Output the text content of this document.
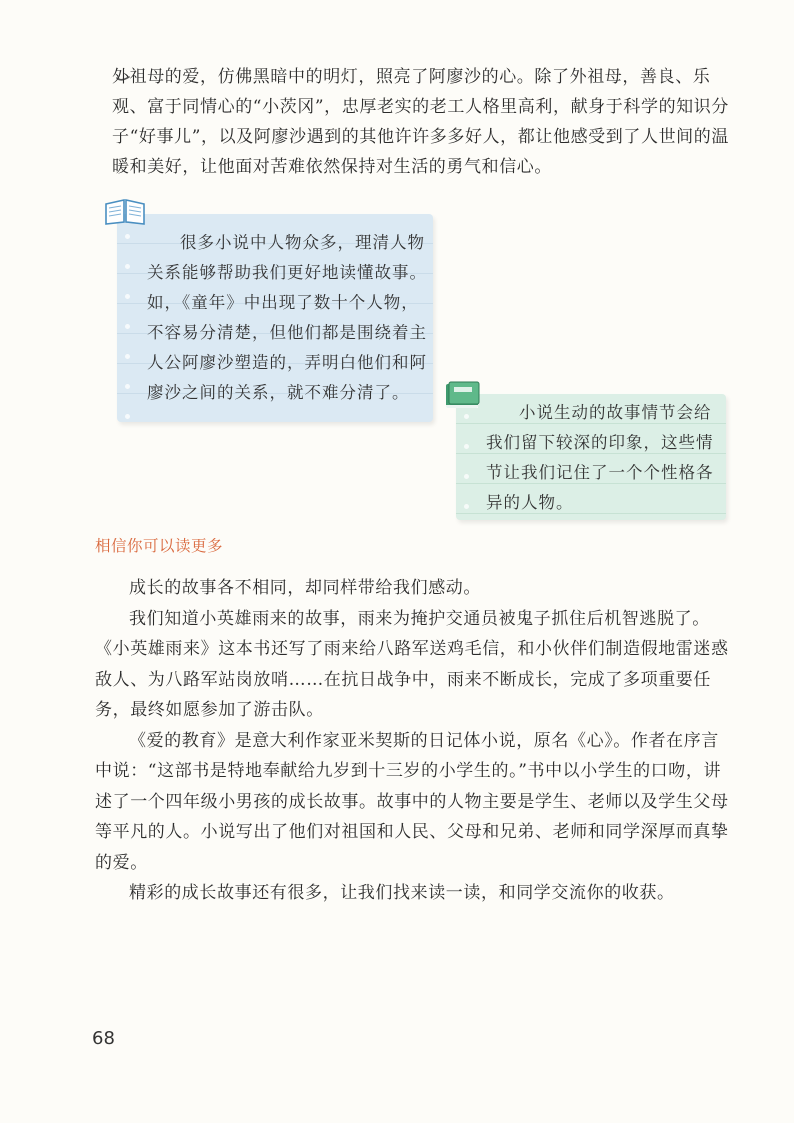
外祖母的爱，仿佛黑暗中的明灯，照亮了阿廖沙的心。除了外祖母，善良、乐观、富于同情心的“小茨冈”，忠厚老实的老工人格里高利，献身于科学的知识分子“好事儿”，以及阿廖沙遇到的其他许许多多好人，都让他感受到了人世间的温暖和美好，让他面对苦难依然保持对生活的勇气和信心。

很多小说中人物众多，理清人物关系能够帮助我们更好地读懂故事。如，《童年》中出现了数十个人物，不容易分清楚，但他们都是围绕着主人公阿廖沙塑造的，弄明白他们和阿廖沙之间的关系，就不难分清了。

小说生动的故事情节会给我们留下较深的印象，这些情节让我们记住了一个个性格各异的人物。

相信你可以读更多

成长的故事各不相同，却同样带给我们感动。

我们知道小英雄雨来的故事，雨来为掩护交通员被鬼子抓住后机智逃脱了。《小英雄雨来》这本书还写了雨来给八路军送鸡毛信，和小伙伴们制造假地雷迷惑敌人、为八路军站岗放哨……在抗日战争中，雨来不断成长，完成了多项重要任务，最终如愿参加了游击队。

《爱的教育》是意大利作家亚米契斯的日记体小说，原名《心》。作者在序言中说：“这部书是特地奉献给九岁到十三岁的小学生的。”书中以小学生的口吻，讲述了一个四年级小男孩的成长故事。故事中的人物主要是学生、老师以及学生父母等平凡的人。小说写出了他们对祖国和人民、父母和兄弟、老师和同学深厚而真挚的爱。

精彩的成长故事还有很多，让我们找来读一读，和同学交流你的收获。

68
